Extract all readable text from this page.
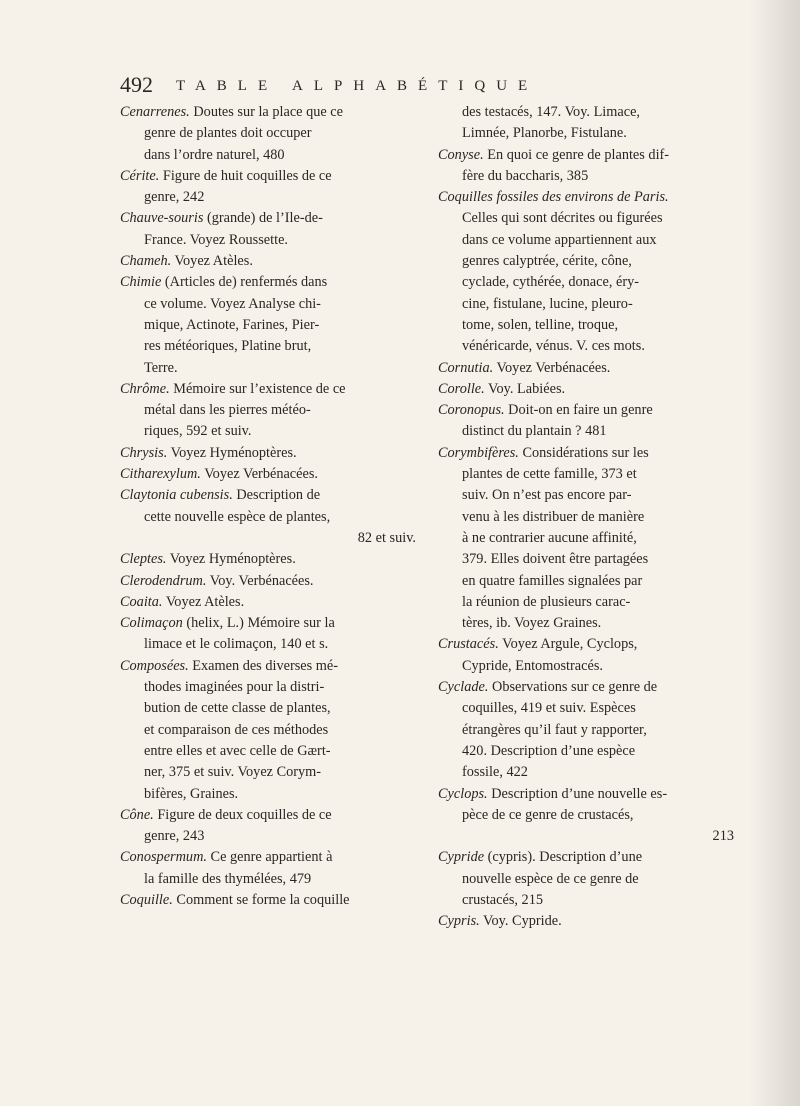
492 TABLE ALPHABÉTIQUE
Cenarrenes. Doutes sur la place que ce
genre de plantes doit occuper
dans l’ordre naturel, 480
Cérite. Figure de huit coquilles de ce
genre, 242
Chauve-souris (grande) de l’Ile-de-
France. Voyez Roussette.
Chameh. Voyez Atèles.
Chimie (Articles de) renfermés dans
ce volume. Voyez Analyse chi-
mique, Actinote, Farines, Pier-
res météoriques, Platine brut,
Terre.
Chrôme. Mémoire sur l’existence de ce
métal dans les pierres météo-
riques, 592 et suiv.
Chrysis. Voyez Hyménoptères.
Citharexylum. Voyez Verbénacées.
Claytonia cubensis. Description de
cette nouvelle espèce de plantes,
82 et suiv.
Cleptes. Voyez Hyménoptères.
Clerodendrum. Voy. Verbénacées.
Coaita. Voyez Atèles.
Colimaçon (helix, L.) Mémoire sur la
limace et le colimaçon, 140 et s.
Composées. Examen des diverses mé-
thodes imaginées pour la distri-
bution de cette classe de plantes,
et comparaison de ces méthodes
entre elles et avec celle de Gært-
ner, 375 et suiv. Voyez Corym-
bifères, Graines.
Cône. Figure de deux coquilles de ce
genre, 243
Conospermum. Ce genre appartient à
la famille des thymélées, 479
Coquille. Comment se forme la coquille
des testacés, 147. Voy. Limace,
Limnée, Planorbe, Fistulane.
Conyse. En quoi ce genre de plantes dif-
fère du baccharis, 385
Coquilles fossiles des environs de Paris.
Celles qui sont décrites ou figurées
dans ce volume appartiennent aux
genres calyptrée, cérite, cône,
cyclade, cythérée, donace, éry-
cine, fistulane, lucine, pleuro-
tome, solen, telline, troque,
vénéricarde, vénus. V. ces mots.
Cornutia. Voyez Verbénacées.
Corolle. Voy. Labiées.
Coronopus. Doit-on en faire un genre
distinct du plantain ? 481
Corymbifères. Considérations sur les
plantes de cette famille, 373 et
suiv. On n’est pas encore par-
venu à les distribuer de manière
à ne contrarier aucune affinité,
379. Elles doivent être partagées
en quatre familles signalées par
la réunion de plusieurs carac-
tères, ib. Voyez Graines.
Crustacés. Voyez Argule, Cyclops,
Cypride, Entomostracés.
Cyclade. Observations sur ce genre de
coquilles, 419 et suiv. Espèces
étrangères qu’il faut y rapporter,
420. Description d’une espèce
fossile, 422
Cyclops. Description d’une nouvelle es-
pèce de ce genre de crustacés,
213
Cypride (cypris). Description d’une
nouvelle espèce de ce genre de
crustacés, 215
Cypris. Voy. Cypride.
